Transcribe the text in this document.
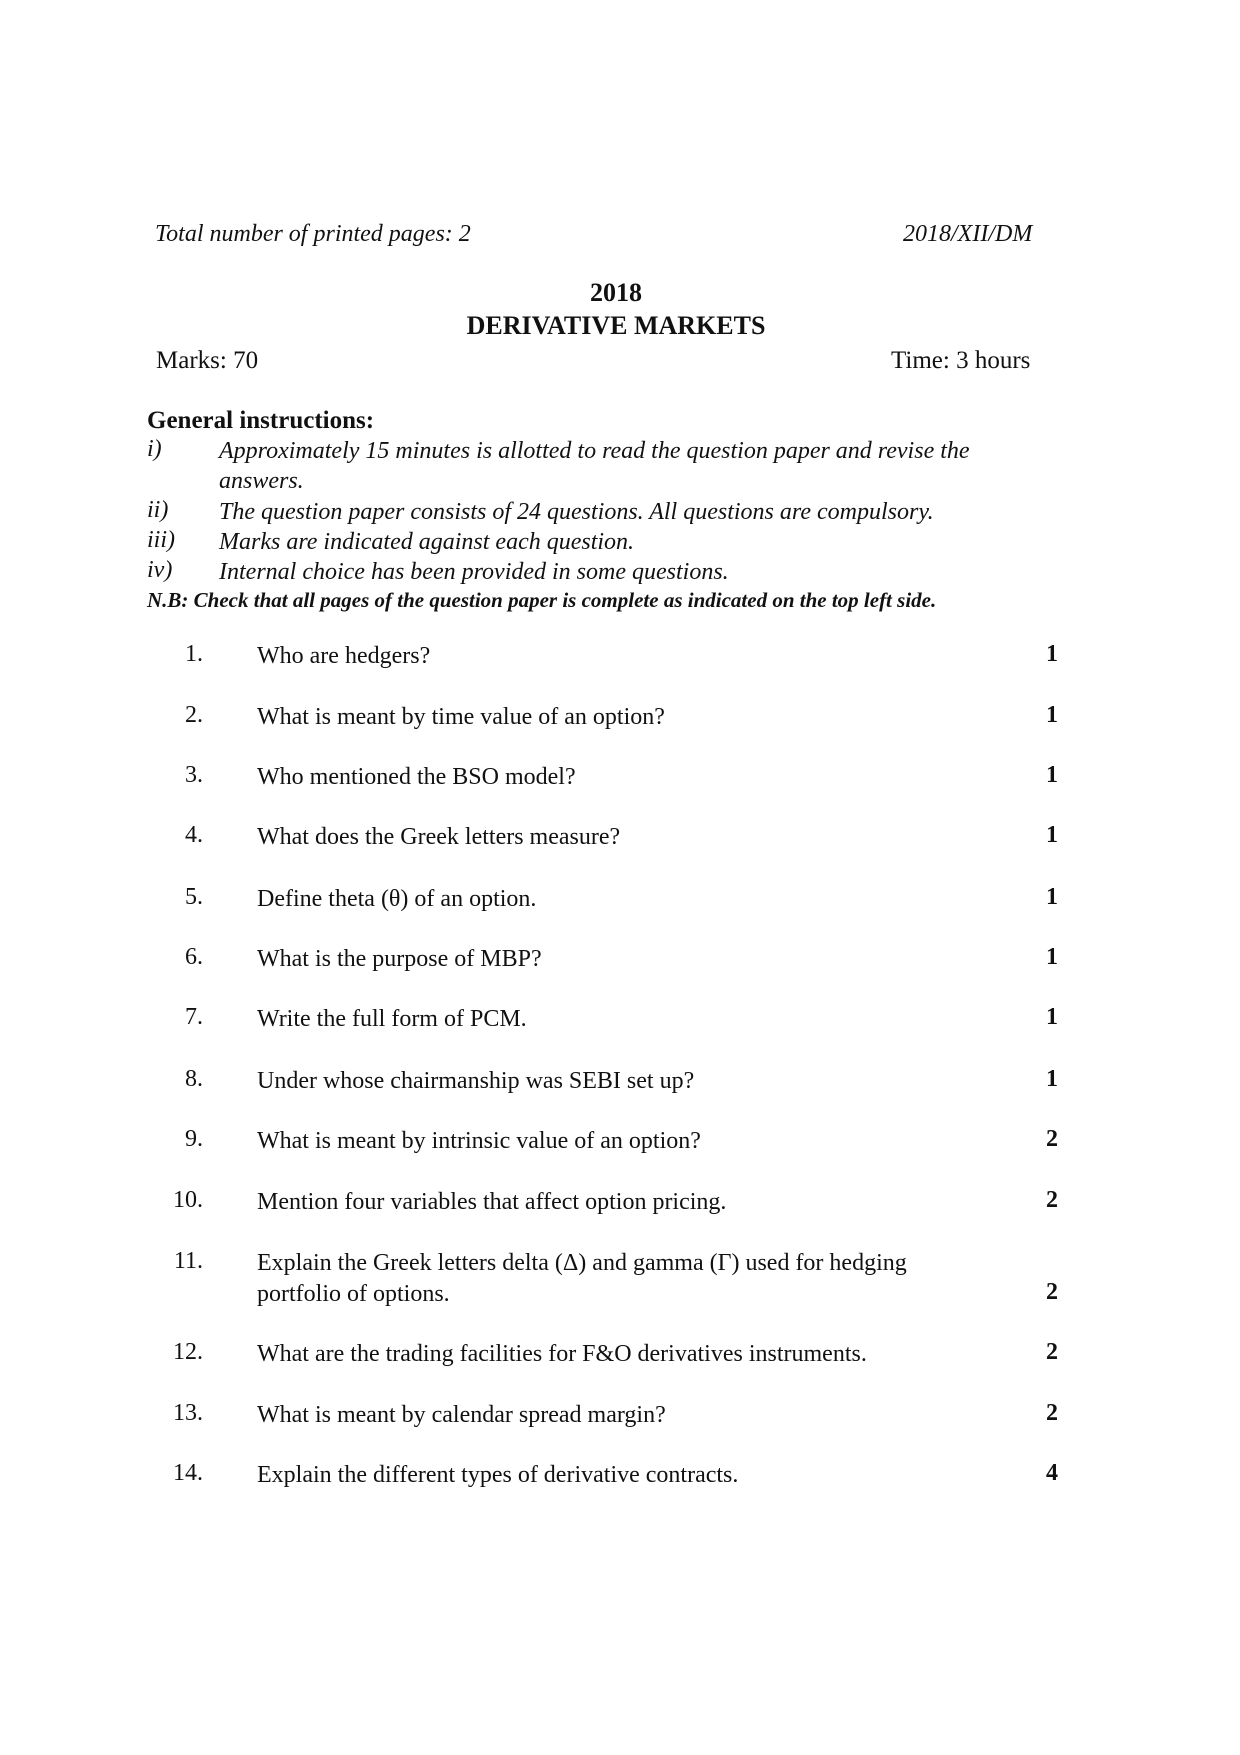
Total number of printed pages: 2	2018/XII/DM
2018
DERIVATIVE MARKETS
Marks: 70	Time: 3 hours
General instructions:
i) Approximately 15 minutes is allotted to read the question paper and revise the answers.
ii) The question paper consists of 24 questions. All questions are compulsory.
iii) Marks are indicated against each question.
iv) Internal choice has been provided in some questions.
N.B: Check that all pages of the question paper is complete as indicated on the top left side.
1. Who are hedgers?	1
2. What is meant by time value of an option?	1
3. Who mentioned the BSO model?	1
4. What does the Greek letters measure?	1
5. Define theta (θ) of an option.	1
6. What is the purpose of MBP?	1
7. Write the full form of PCM.	1
8. Under whose chairmanship was SEBI set up?	1
9. What is meant by intrinsic value of an option?	2
10. Mention four variables that affect option pricing.	2
11. Explain the Greek letters delta (Δ) and gamma (Γ) used for hedging portfolio of options.	2
12. What are the trading facilities for F&O derivatives instruments.	2
13. What is meant by calendar spread margin?	2
14. Explain the different types of derivative contracts.	4
